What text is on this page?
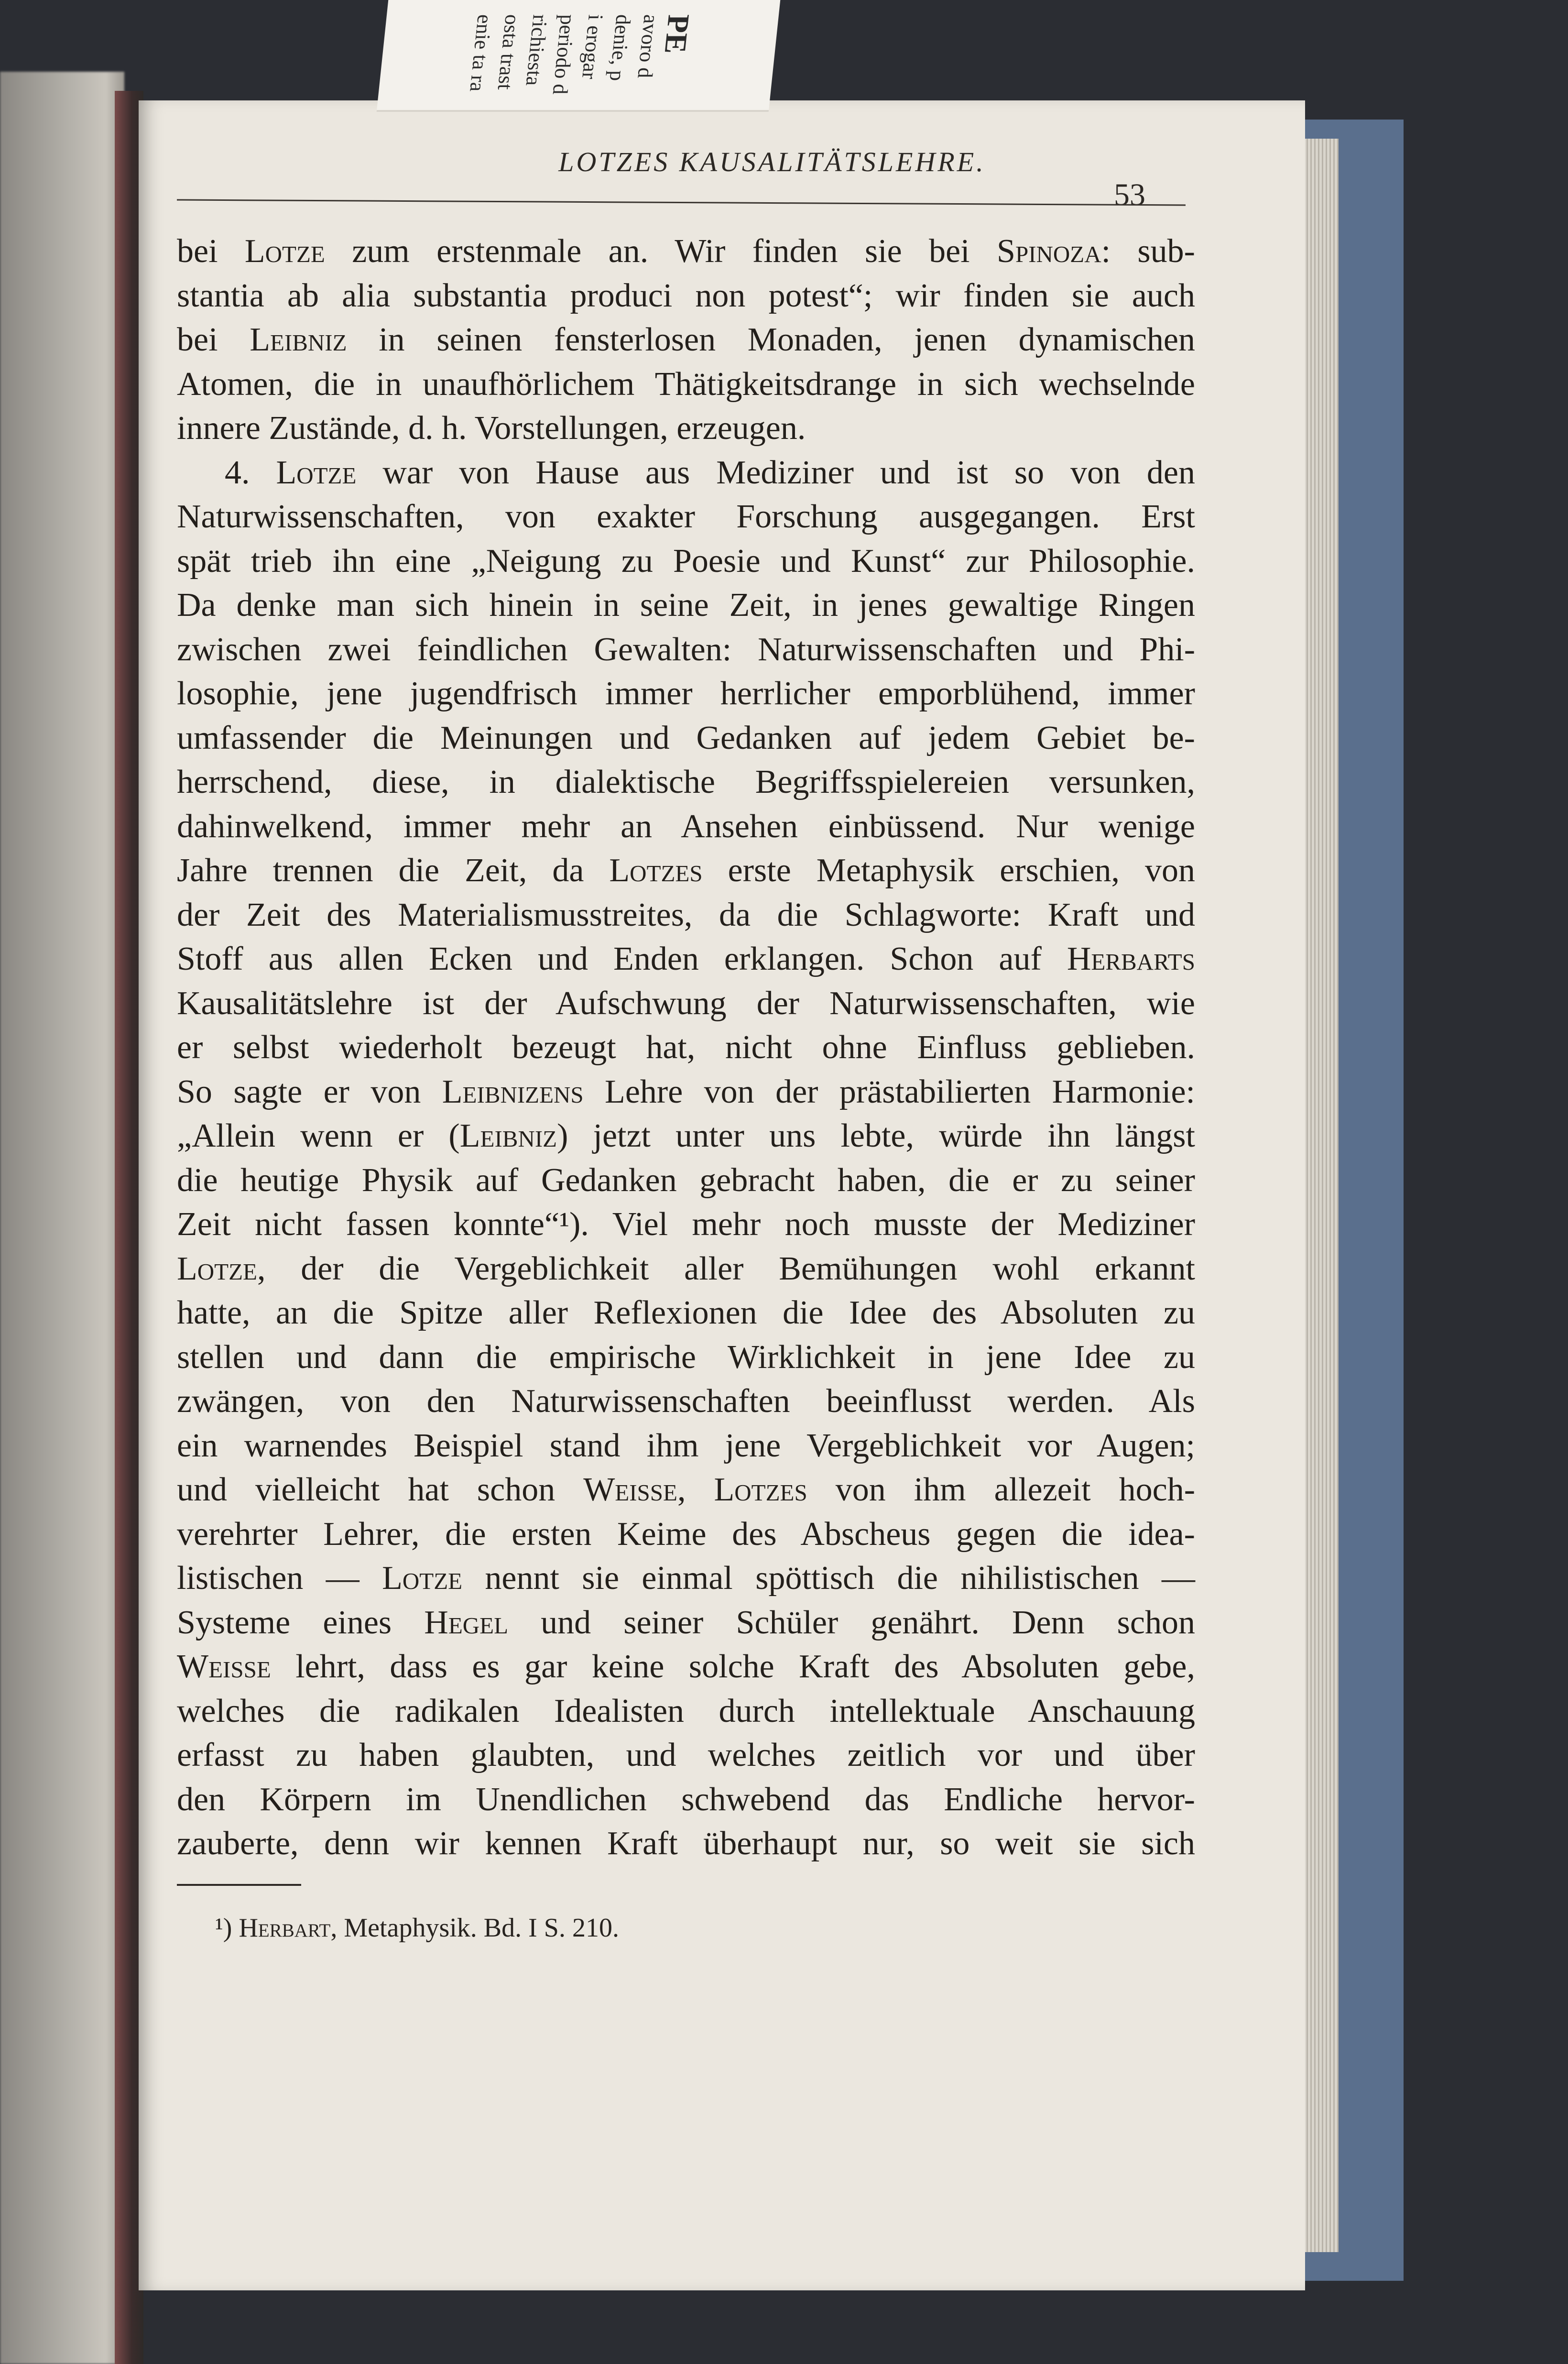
LOTZES KAUSALITÄTSLEHRE.
53
bei Lotze zum erstenmale an. Wir finden sie bei Spinoza: sub-
stantia ab alia substantia produci non potest“; wir finden sie auch
bei Leibniz in seinen fensterlosen Monaden, jenen dynamischen
Atomen, die in unaufhörlichem Thätigkeitsdrange in sich wechselnde
innere Zustände, d. h. Vorstellungen, erzeugen.
4. Lotze war von Hause aus Mediziner und ist so von den
Naturwissenschaften, von exakter Forschung ausgegangen. Erst
spät trieb ihn eine „Neigung zu Poesie und Kunst“ zur Philosophie.
Da denke man sich hinein in seine Zeit, in jenes gewaltige Ringen
zwischen zwei feindlichen Gewalten: Naturwissenschaften und Phi-
losophie, jene jugendfrisch immer herrlicher emporblühend, immer
umfassender die Meinungen und Gedanken auf jedem Gebiet be-
herrschend, diese, in dialektische Begriffsspielereien versunken,
dahinwelkend, immer mehr an Ansehen einbüssend. Nur wenige
Jahre trennen die Zeit, da Lotzes erste Metaphysik erschien, von
der Zeit des Materialismusstreites, da die Schlagworte: Kraft und
Stoff aus allen Ecken und Enden erklangen. Schon auf Herbarts
Kausalitätslehre ist der Aufschwung der Naturwissenschaften, wie
er selbst wiederholt bezeugt hat, nicht ohne Einfluss geblieben.
So sagte er von Leibnizens Lehre von der prästabilierten Harmonie:
„Allein wenn er (Leibniz) jetzt unter uns lebte, würde ihn längst
die heutige Physik auf Gedanken gebracht haben, die er zu seiner
Zeit nicht fassen konnte“¹). Viel mehr noch musste der Mediziner
Lotze, der die Vergeblichkeit aller Bemühungen wohl erkannt
hatte, an die Spitze aller Reflexionen die Idee des Absoluten zu
stellen und dann die empirische Wirklichkeit in jene Idee zu
zwängen, von den Naturwissenschaften beeinflusst werden. Als
ein warnendes Beispiel stand ihm jene Vergeblichkeit vor Augen;
und vielleicht hat schon Weisse, Lotzes von ihm allezeit hoch-
verehrter Lehrer, die ersten Keime des Abscheus gegen die idea-
listischen — Lotze nennt sie einmal spöttisch die nihilistischen —
Systeme eines Hegel und seiner Schüler genährt. Denn schon
Weisse lehrt, dass es gar keine solche Kraft des Absoluten gebe,
welches die radikalen Idealisten durch intellektuale Anschauung
erfasst zu haben glaubten, und welches zeitlich vor und über
den Körpern im Unendlichen schwebend das Endliche hervor-
zauberte, denn wir kennen Kraft überhaupt nur, so weit sie sich
¹) Herbart, Metaphysik. Bd. I S. 210.
PE
avoro d
denie, p
i erogar
periodo d
richiesta
osta trast
enie ta ra
